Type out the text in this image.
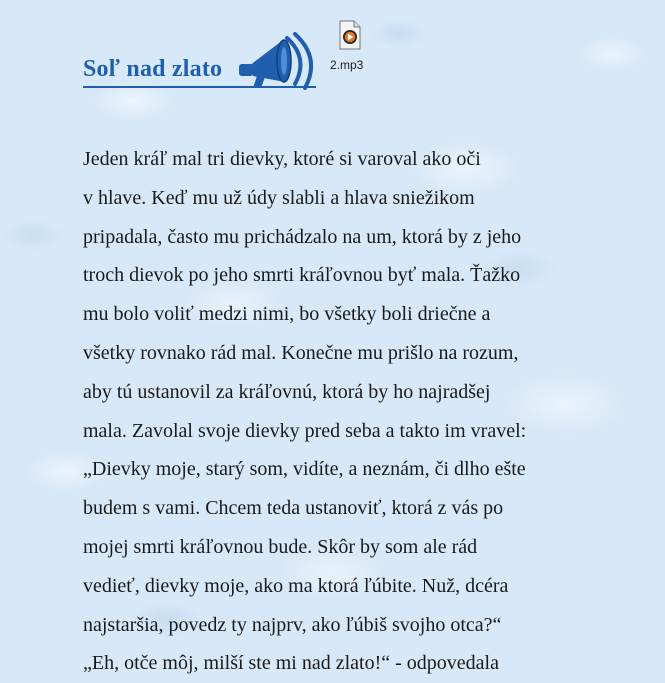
Soľ nad zlato	2.mp3
Jeden kráľ mal tri dievky, ktoré si varoval ako oči
v hlave. Keď mu už údy slabli a hlava sniežikom
pripadala, často mu prichádzalo na um, ktorá by z jeho
troch dievok po jeho smrti kráľovnou byť mala. Ťažko
mu bolo voliť medzi nimi, bo všetky boli driečne a
všetky rovnako rád mal. Konečne mu prišlo na rozum,
aby tú ustanovil za kráľovnú, ktorá by ho najradšej
mala. Zavolal svoje dievky pred seba a takto im vravel:
„Dievky moje, starý som, vidíte, a neznám, či dlho ešte
budem s vami. Chcem teda ustanoviť, ktorá z vás po
mojej smrti kráľovnou bude. Skôr by som ale rád
vedieť, dievky moje, ako ma ktorá ľúbite. Nuž, dcéra
najstaršia, povedz ty najprv, ako ľúbiš svojho otca?“
„Eh, otče môj, milší ste mi nad zlato!“ - odpovedala
